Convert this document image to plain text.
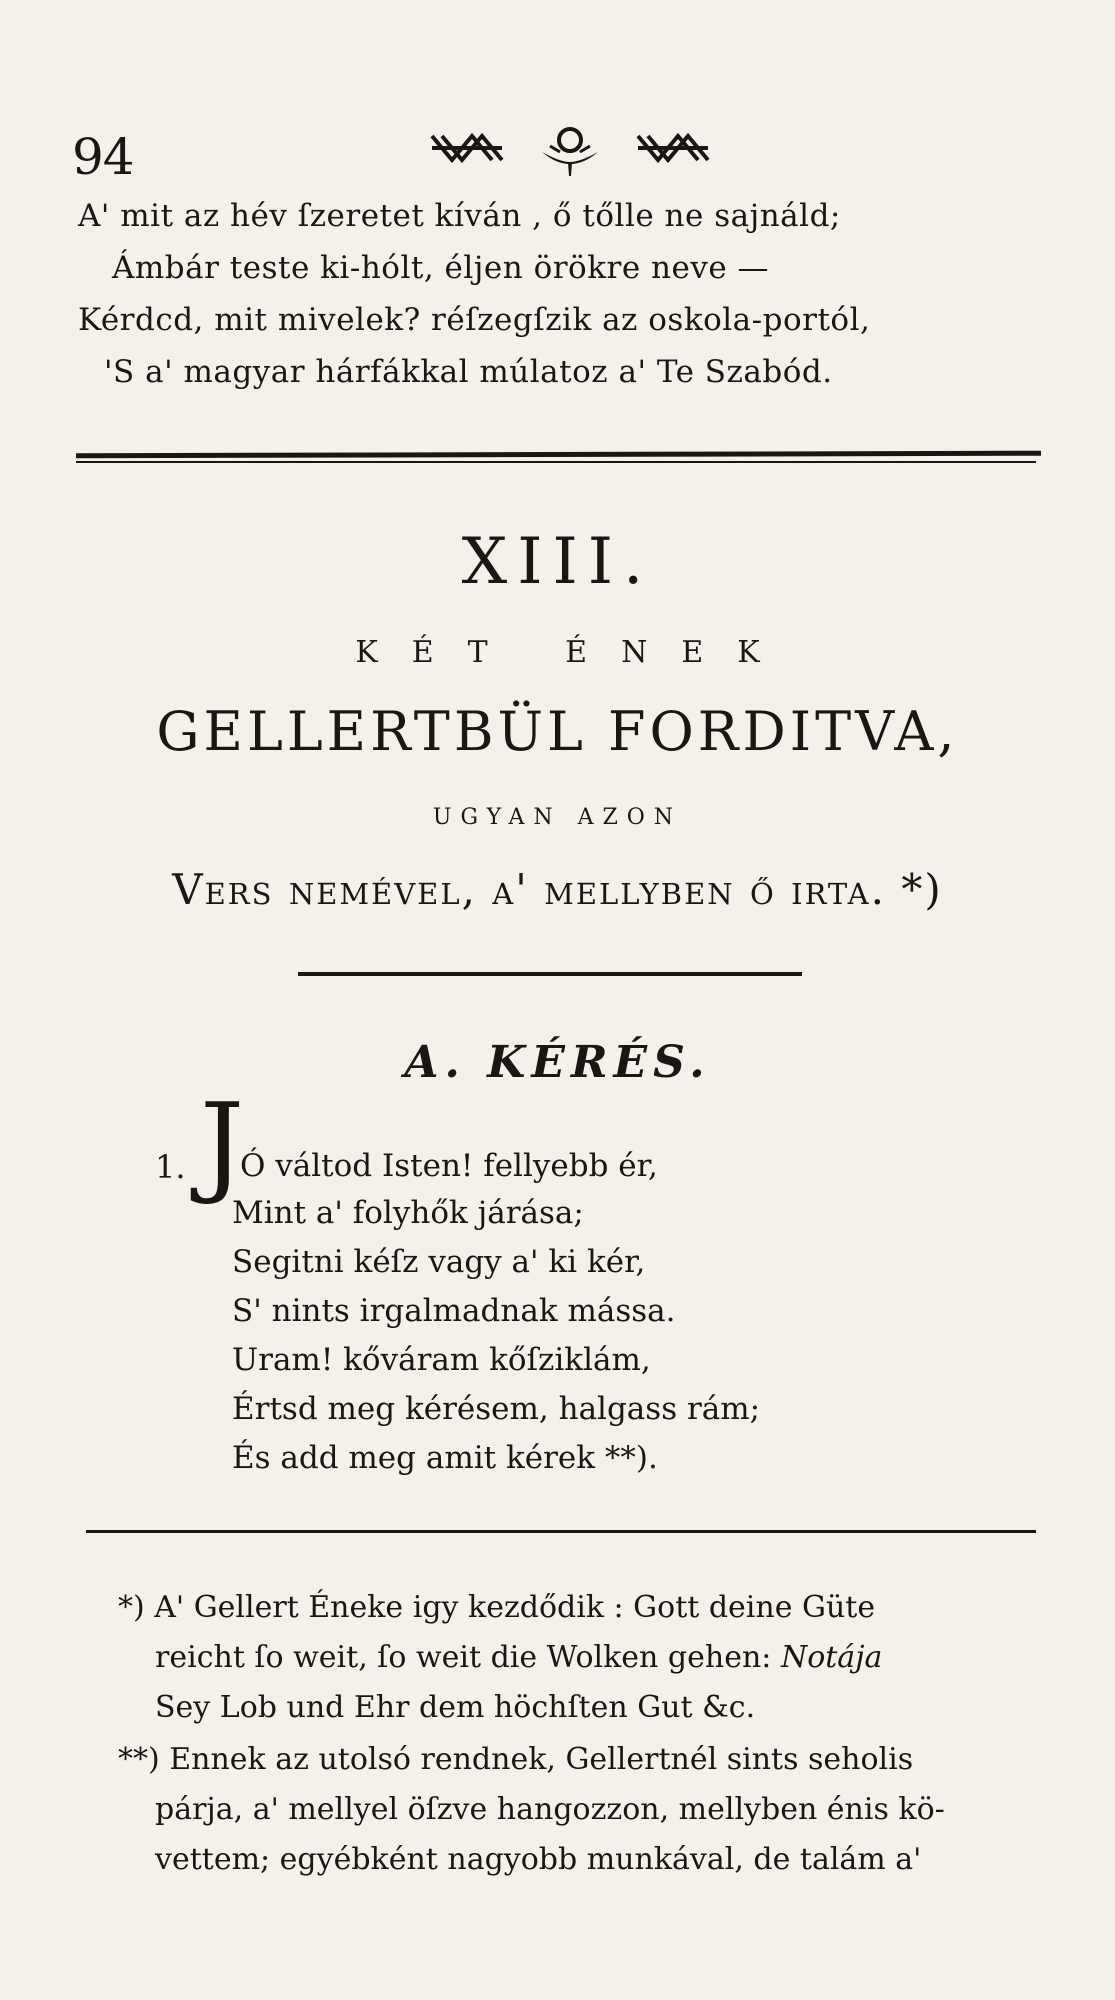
94
A' mit az hév ſzeretet kíván , ő tőlle ne sajnáld;
Ámbár teste ki-hólt, éljen örökre neve —
Kérdcd, mit mivelek? réſzegſzik az oskola-portól,
'S a' magyar hárfákkal múlatoz a' Te Szabód.
XIII.
KÉT ÉNEK
GELLERTBÜL FORDITVA,
UGYAN AZON
Vers nemével, a' mellyben ő irta. *)
A. KÉRÉS.
1. J
Ó váltod Isten! fellyebb ér,
Mint a' folyhők járása;
Segitni kéſz vagy a' ki kér,
S' nints irgalmadnak mássa.
Uram! kőváram kőſziklám,
Értsd meg kérésem, halgass rám;
És add meg amit kérek **).
*) A' Gellert Éneke igy kezdődik : Gott deine Güte
reicht ſo weit, ſo weit die Wolken gehen: Notája
Sey Lob und Ehr dem höchſten Gut &c.
**) Ennek az utolsó rendnek, Gellertnél sints seholis
párja, a' mellyel öſzve hangozzon, mellyben énis kö-
vettem; egyébként nagyobb munkával, de talám a'
